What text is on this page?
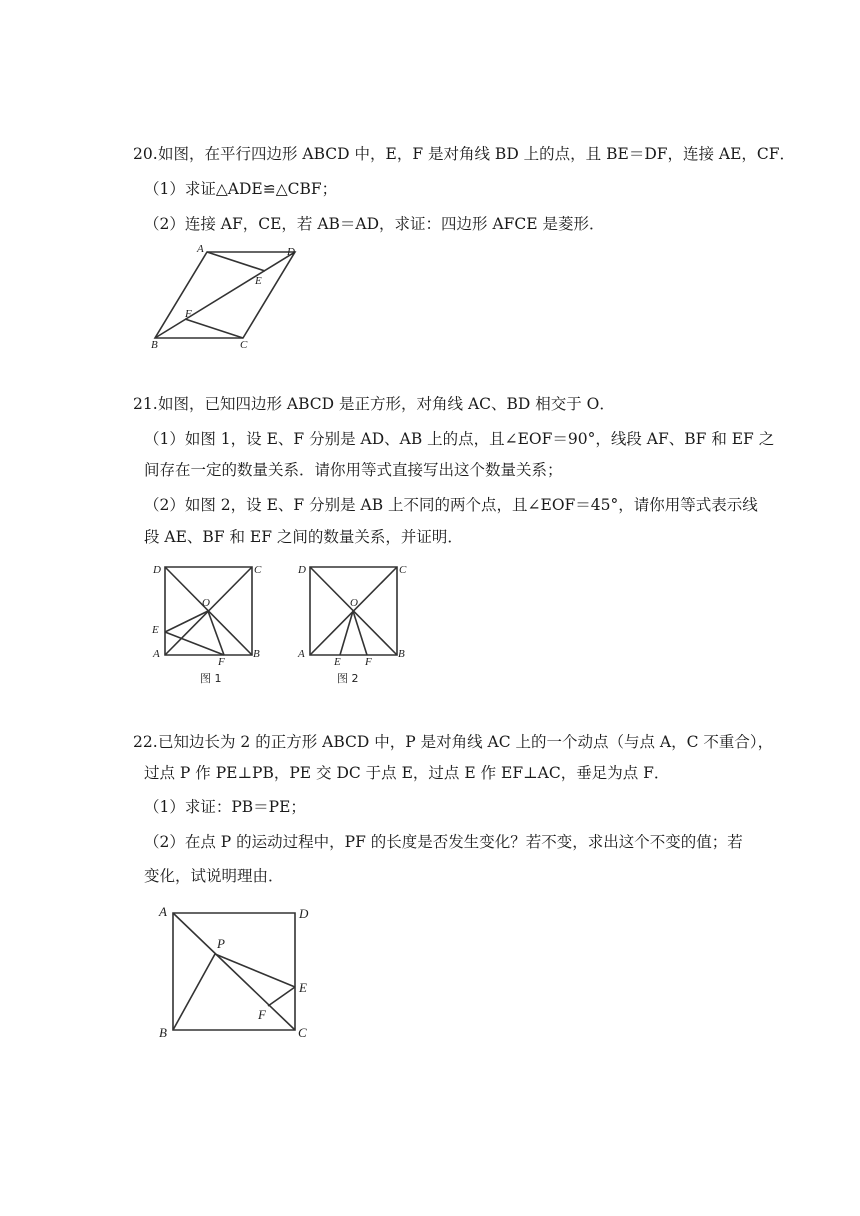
20. 如图，在平行四边形 ABCD 中，E，F 是对角线 BD 上的点，且 BE＝DF，连接 AE，CF．
（1）求证△ADE≌△CBF；
（2）连接 AF，CE，若 AB＝AD，求证：四边形 AFCE 是菱形．
A	D
E
F
B	C
21. 如图，已知四边形 ABCD 是正方形，对角线 AC、BD 相交于 O．
（1）如图 1，设 E、F 分别是 AD、AB 上的点，且∠EOF＝90°，线段 AF、BF 和 EF 之
间存在一定的数量关系．请你用等式直接写出这个数量关系；
（2）如图 2，设 E、F 分别是 AB 上不同的两个点，且∠EOF＝45°，请你用等式表示线
段 AE、BF 和 EF 之间的数量关系，并证明．
D	C
O
E
A
F
B
图 1
D	C
O
A
E F
B
图 2
22. 已知边长为 2 的正方形 ABCD 中，P 是对角线 AC 上的一个动点（与点 A，C 不重合），
过点 P 作 PE⊥PB，PE 交 DC 于点 E，过点 E 作 EF⊥AC，垂足为点 F．
（1）求证：PB＝PE；
（2）在点 P 的运动过程中，PF 的长度是否发生变化？若不变，求出这个不变的值；若
变化，试说明理由．
A	D
P
E
F
B	C
